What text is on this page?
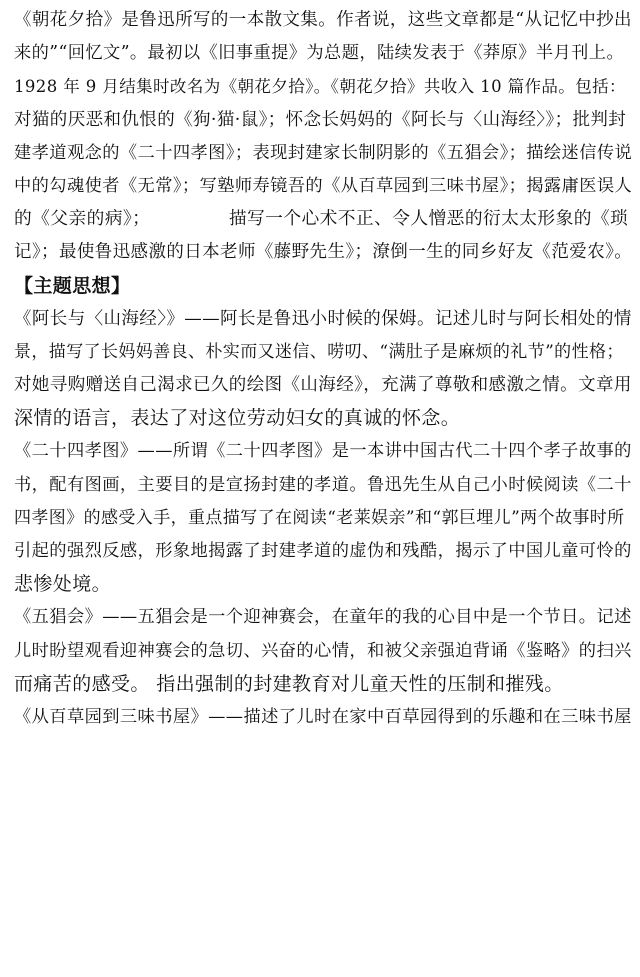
《朝花夕拾》是鲁迅所写的一本散文集。作者说，这些文章都是“从记忆中抄出
来的”“回忆文”。最初以《旧事重提》为总题，陆续发表于《莽原》半月刊上。
1928 年 9 月结集时改名为《朝花夕拾》。《朝花夕拾》共收入 10 篇作品。包括：
对猫的厌恶和仇恨的《狗·猫·鼠》；怀念长妈妈的《阿长与〈山海经〉》；批判封
建孝道观念的《二十四孝图》；表现封建家长制阴影的《五猖会》；描绘迷信传说
中的勾魂使者《无常》；写塾师寿镜吾的《从百草园到三味书屋》；揭露庸医误人
的《父亲的病》；             描写一个心术不正、令人憎恶的衍太太形象的《琐
记》；最使鲁迅感激的日本老师《藤野先生》；潦倒一生的同乡好友《范爱农》。
【主题思想】
《阿长与〈山海经〉》——阿长是鲁迅小时候的保姆。记述儿时与阿长相处的情
景，描写了长妈妈善良、朴实而又迷信、唠叨、“满肚子是麻烦的礼节”的性格；
对她寻购赠送自己渴求已久的绘图《山海经》，充满了尊敬和感激之情。文章用
深情的语言，表达了对这位劳动妇女的真诚的怀念。
《二十四孝图》——所谓《二十四孝图》是一本讲中国古代二十四个孝子故事的
书，配有图画，主要目的是宣扬封建的孝道。鲁迅先生从自己小时候阅读《二十
四孝图》的感受入手，重点描写了在阅读“老莱娱亲”和“郭巨埋儿”两个故事时所
引起的强烈反感，形象地揭露了封建孝道的虚伪和残酷，揭示了中国儿童可怜的
悲惨处境。
《五猖会》——五猖会是一个迎神赛会，在童年的我的心目中是一个节日。记述
儿时盼望观看迎神赛会的急切、兴奋的心情，和被父亲强迫背诵《鉴略》的扫兴
而痛苦的感受。 指出强制的封建教育对儿童天性的压制和摧残。
《从百草园到三味书屋》——描述了儿时在家中百草园得到的乐趣和在三味书屋
